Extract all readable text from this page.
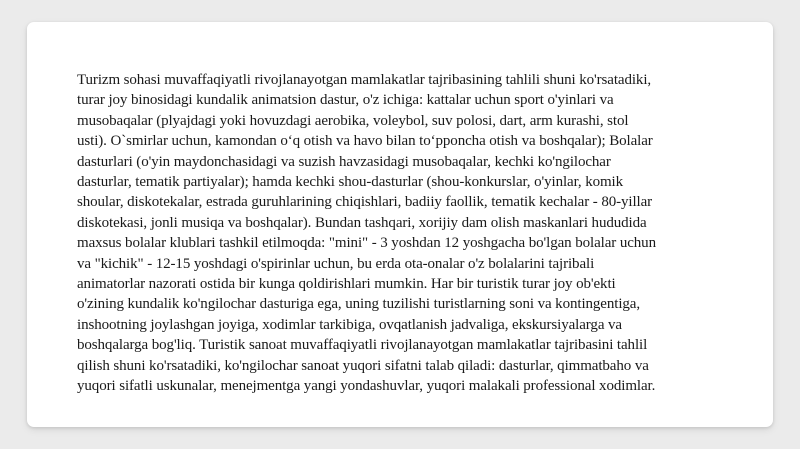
Turizm sohasi muvaffaqiyatli rivojlanayotgan mamlakatlar tajribasining tahlili shuni ko'rsatadiki,
turar joy binosidagi kundalik animatsion dastur, o'z ichiga: kattalar uchun sport o'yinlari va
musobaqalar (plyajdagi yoki hovuzdagi aerobika, voleybol, suv polosi, dart, arm kurashi, stol
usti). O`smirlar uchun, kamondan o‘q otish va havo bilan to‘pponcha otish va boshqalar); Bolalar
dasturlari (o'yin maydonchasidagi va suzish havzasidagi musobaqalar, kechki ko'ngilochar
dasturlar, tematik partiyalar); hamda kechki shou-dasturlar (shou-konkurslar, o'yinlar, komik
shoular, diskotekalar, estrada guruhlarining chiqishlari, badiiy faollik, tematik kechalar - 80-yillar
diskotekasi, jonli musiqa va boshqalar). Bundan tashqari, xorijiy dam olish maskanlari hududida
maxsus bolalar klublari tashkil etilmoqda: "mini" - 3 yoshdan 12 yoshgacha bo'lgan bolalar uchun
va "kichik" - 12-15 yoshdagi o'spirinlar uchun, bu erda ota-onalar o'z bolalarini tajribali
animatorlar nazorati ostida bir kunga qoldirishlari mumkin. Har bir turistik turar joy ob'ekti
o'zining kundalik ko'ngilochar dasturiga ega, uning tuzilishi turistlarning soni va kontingentiga,
inshootning joylashgan joyiga, xodimlar tarkibiga, ovqatlanish jadvaliga, ekskursiyalarga va
boshqalarga bog'liq. Turistik sanoat muvaffaqiyatli rivojlanayotgan mamlakatlar tajribasini tahlil
qilish shuni ko'rsatadiki, ko'ngilochar sanoat yuqori sifatni talab qiladi: dasturlar, qimmatbaho va
yuqori sifatli uskunalar, menejmentga yangi yondashuvlar, yuqori malakali professional xodimlar.
